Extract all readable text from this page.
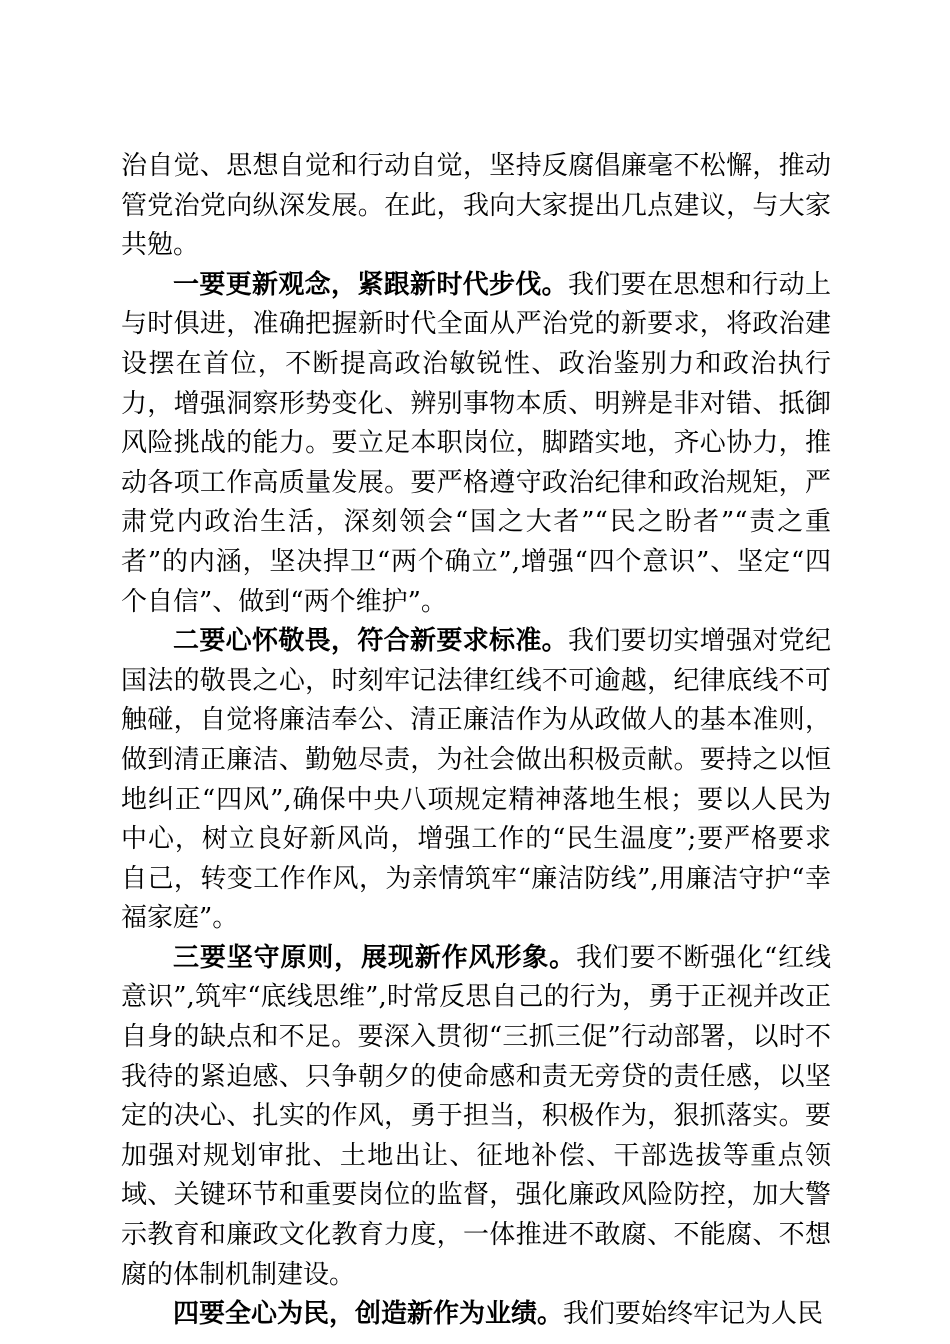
治自觉、思想自觉和行动自觉，坚持反腐倡廉毫不松懈，推动管党治党向纵深发展。在此，我向大家提出几点建议，与大家共勉。

一要更新观念，紧跟新时代步伐。我们要在思想和行动上与时俱进，准确把握新时代全面从严治党的新要求，将政治建设摆在首位，不断提高政治敏锐性、政治鉴别力和政治执行力，增强洞察形势变化、辨别事物本质、明辨是非对错、抵御风险挑战的能力。要立足本职岗位，脚踏实地，齐心协力，推动各项工作高质量发展。要严格遵守政治纪律和政治规矩，严肃党内政治生活，深刻领会“国之大者”“民之盼者”“责之重者”的内涵，坚决捍卫“两个确立”,增强“四个意识”、坚定“四个自信”、做到“两个维护”。

二要心怀敬畏，符合新要求标准。我们要切实增强对党纪国法的敬畏之心，时刻牢记法律红线不可逾越，纪律底线不可触碰，自觉将廉洁奉公、清正廉洁作为从政做人的基本准则，做到清正廉洁、勤勉尽责，为社会做出积极贡献。要持之以恒地纠正“四风”,确保中央八项规定精神落地生根；要以人民为中心，树立良好新风尚，增强工作的“民生温度”;要严格要求自己，转变工作作风，为亲情筑牢“廉洁防线”,用廉洁守护“幸福家庭”。

三要坚守原则，展现新作风形象。我们要不断强化“红线意识”,筑牢“底线思维”,时常反思自己的行为，勇于正视并改正自身的缺点和不足。要深入贯彻“三抓三促”行动部署，以时不我待的紧迫感、只争朝夕的使命感和责无旁贷的责任感，以坚定的决心、扎实的作风，勇于担当，积极作为，狠抓落实。要加强对规划审批、土地出让、征地补偿、干部选拔等重点领域、关键环节和重要岗位的监督，强化廉政风险防控，加大警示教育和廉政文化教育力度，一体推进不敢腐、不能腐、不想腐的体制机制建设。

四要全心为民，创造新作为业绩。我们要始终牢记为人民
